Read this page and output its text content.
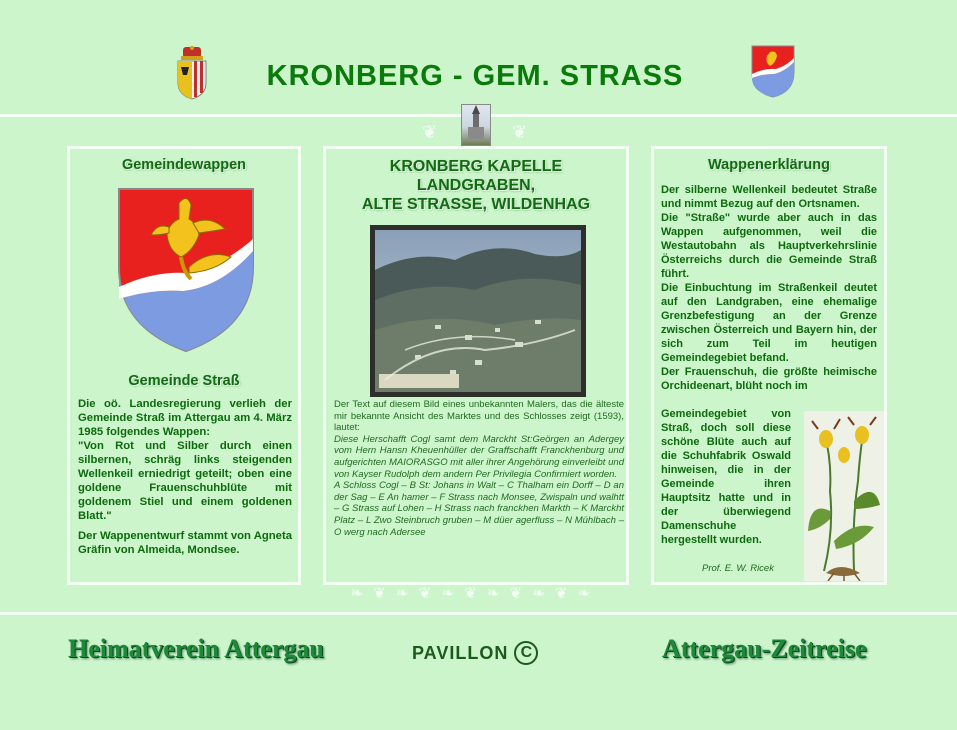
KRONBERG - GEM. STRASS
❦	❦
Gemeindewappen
Gemeinde Straß

Die oö. Landesregierung verlieh der Gemeinde Straß im Attergau am 4. März 1985 folgendes Wappen:

"Von Rot und Silber durch einen silbernen, schräg links steigenden Wellenkeil erniedrigt geteilt; oben eine goldene Frauenschuhblüte mit goldenem Stiel und einem goldenen Blatt."

Der Wappenentwurf stammt von Agneta Gräfin von Almeida, Mondsee.

KRONBERG KAPELLE
LANDGRABEN,
ALTE STRASSE, WILDENHAG

Der Text auf diesem Bild eines unbekannten Malers, das die älteste mir bekannte Ansicht des Marktes und des Schlosses zeigt (1593), lautet:

Diese Herschafft Cogl samt dem Marckht St:Geörgen an Adergey vom Hern Hansn Kheuenhüller der Graffschafft Franckhenburg und aufgerichten MAIORASGO mit aller ihrer Angehörung einverleibt und von Kayser Rudolph dem andern Per Privilegia Confirmiert worden.

A Schloss Cogl – B St: Johans in Walt – C Thalham ein Dorff – D an der Sag – E An hamer – F Strass nach Monsee, Zwispaln und walhtt – G Strass auf Lohen – H Strass nach franckhen Markth – K Marckht Platz – L Zwo Steinbruch gruben – M düer agerfluss – N Mühlbach – O werg nach Adersee

❧ ❦ ❧ ❦ ❧ ❦ ❧ ❦ ❧ ❦ ❧
Wappenerklärung

Der silberne Wellenkeil bedeutet Straße und nimmt Bezug auf den Ortsnamen.

Die "Straße" wurde aber auch in das Wappen aufgenommen, weil die Westautobahn als Hauptverkehrslinie Österreichs durch die Gemeinde Straß führt.

Die Einbuchtung im Straßenkeil deutet auf den Landgraben, eine ehemalige Grenzbefestigung an der Grenze zwischen Österreich und Bayern hin, der sich zum Teil im heutigen Gemeindegebiet befand.

Der Frauenschuh, die größte heimische Orchideenart, blüht noch im

Gemeindegebiet von Straß, doch soll diese schöne Blüte auch auf die Schuhfabrik Oswald hinweisen, die in der Gemeinde ihren Hauptsitz hatte und in der überwiegend Damenschuhe hergestellt wurden.
Prof. E. W. Ricek
Heimatverein Attergau	PAVILLON C	Attergau-Zeitreise
